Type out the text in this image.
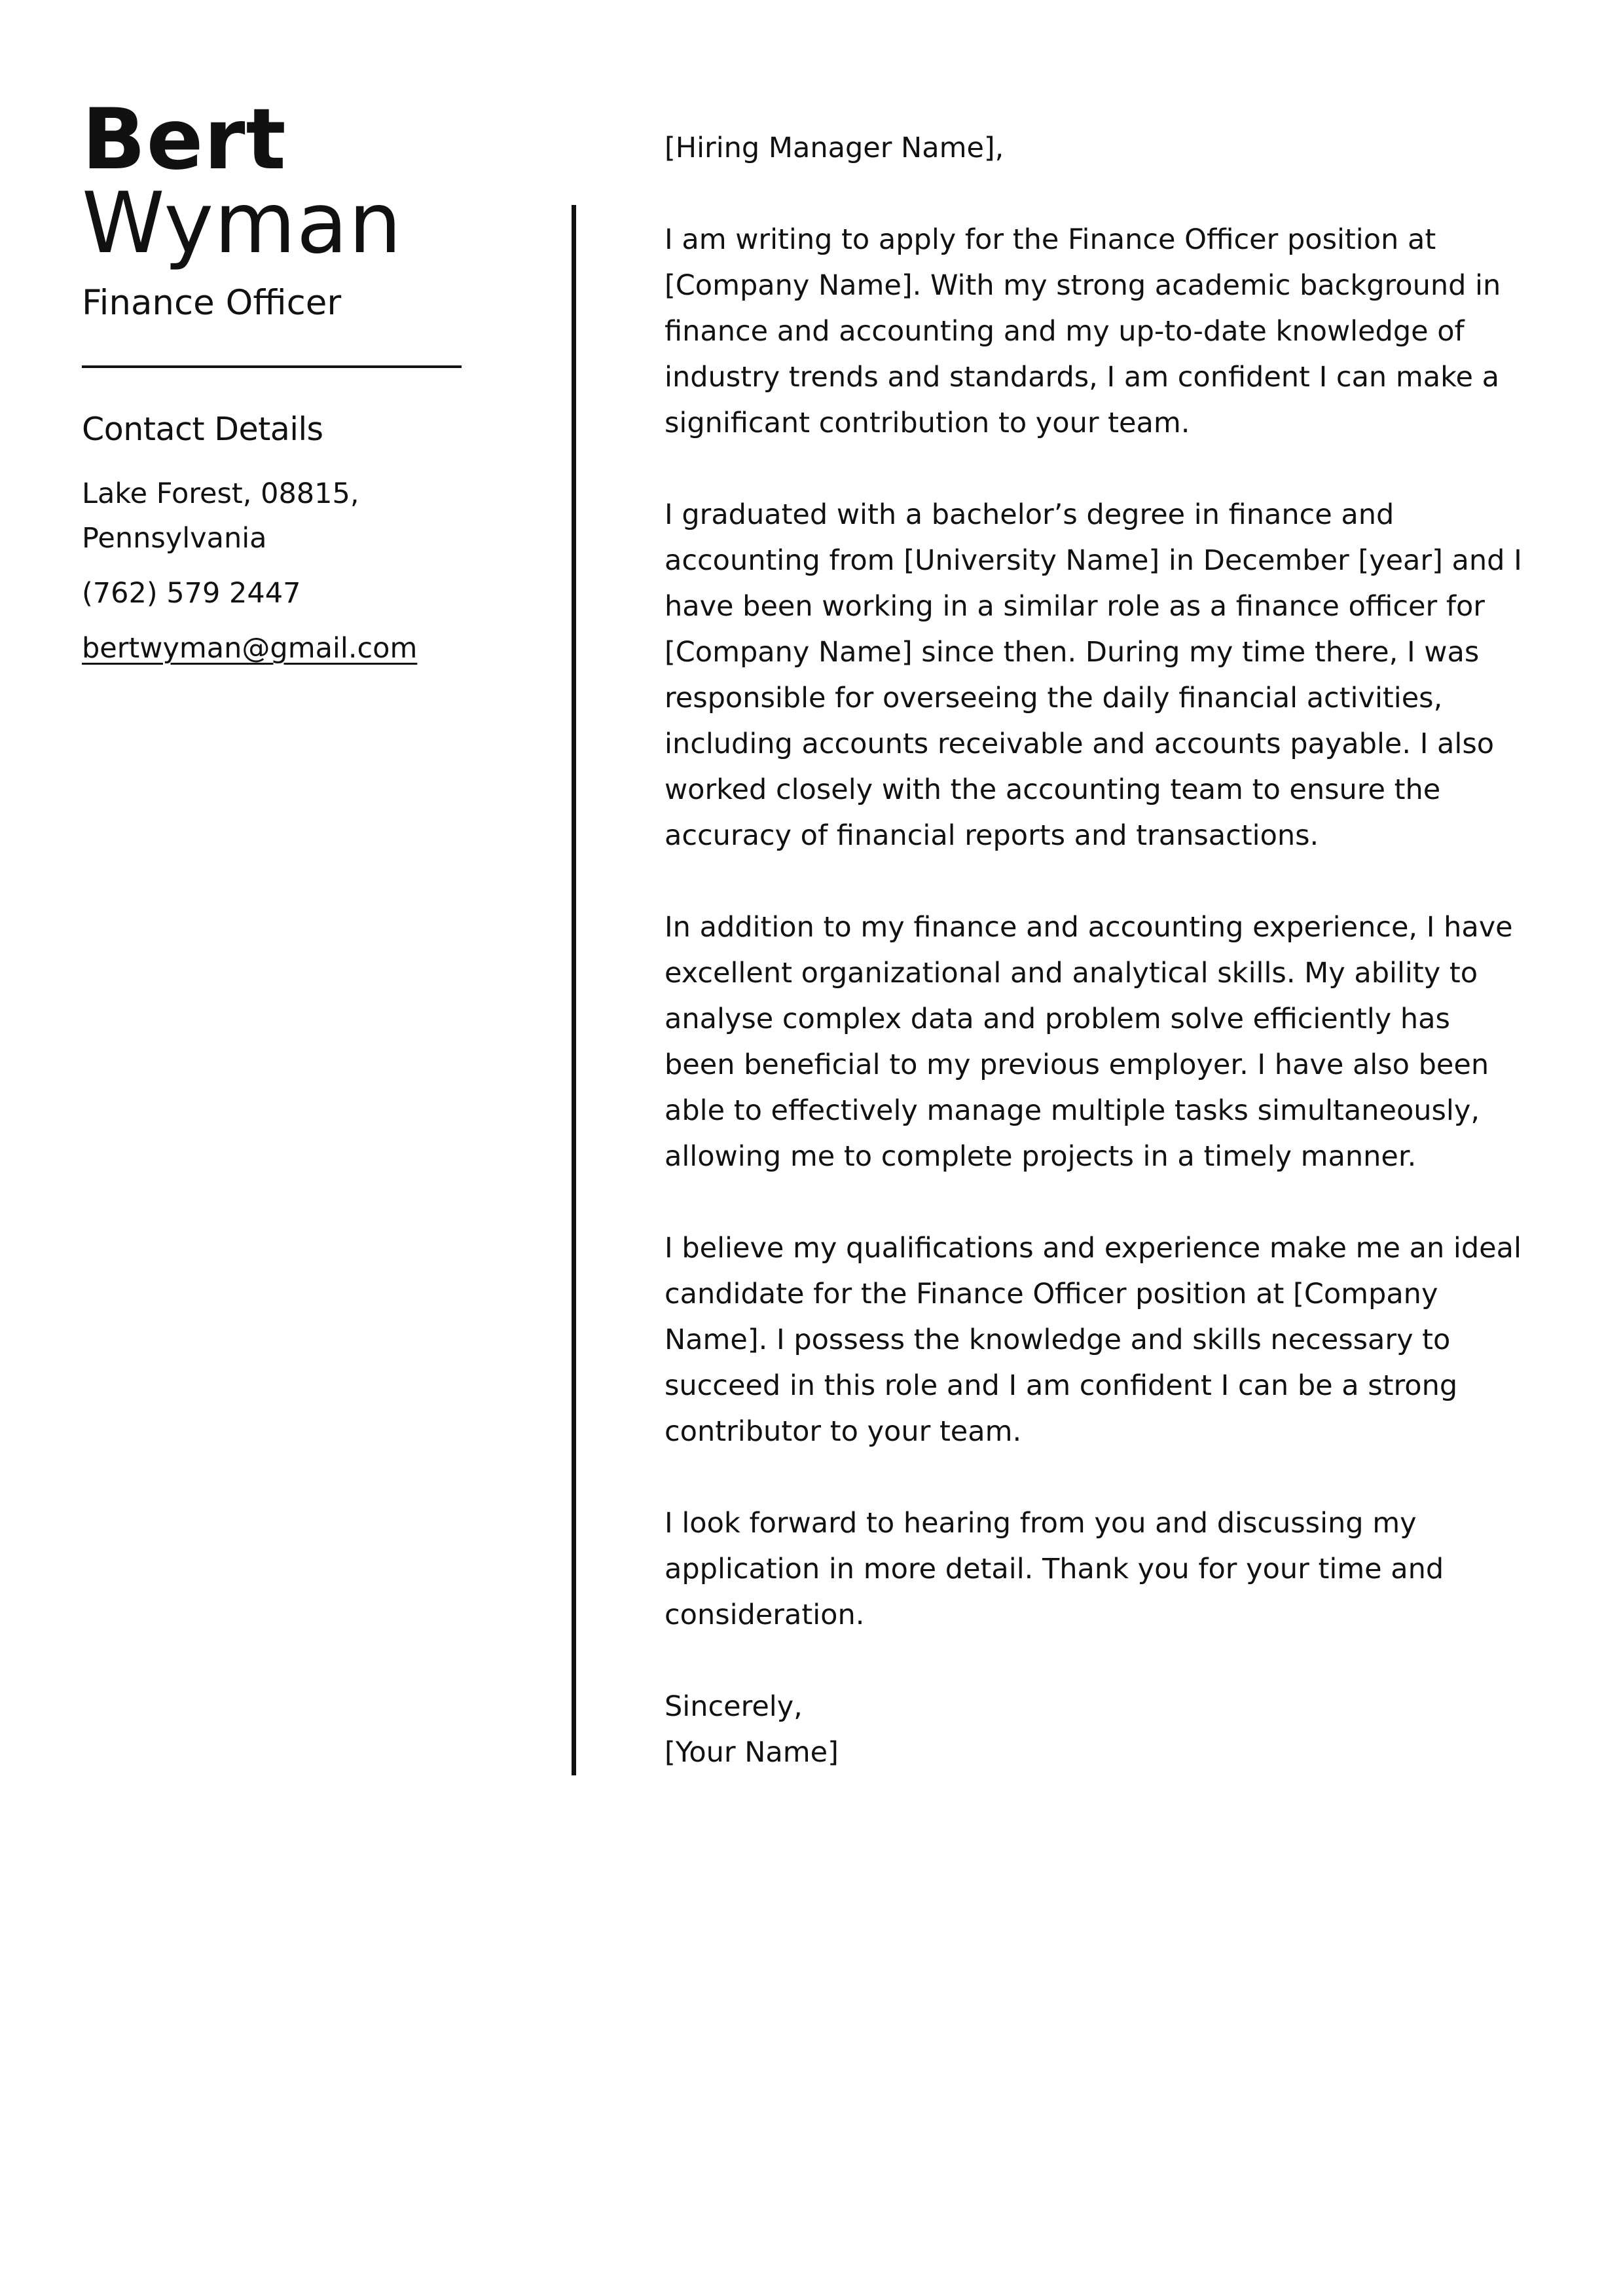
Bert
Wyman
Finance Officer
Contact Details
Lake Forest, 08815,
Pennsylvania
(762) 579 2447
bertwyman@gmail.com

[Hiring Manager Name],

I am writing to apply for the Finance Officer position at [Company Name]. With my strong academic background in finance and accounting and my up-to-date knowledge of industry trends and standards, I am confident I can make a significant contribution to your team.

I graduated with a bachelor’s degree in finance and accounting from [University Name] in December [year] and I have been working in a similar role as a finance officer for [Company Name] since then. During my time there, I was responsible for overseeing the daily financial activities, including accounts receivable and accounts payable. I also worked closely with the accounting team to ensure the accuracy of financial reports and transactions.

In addition to my finance and accounting experience, I have excellent organizational and analytical skills. My ability to analyse complex data and problem solve efficiently has been beneficial to my previous employer. I have also been able to effectively manage multiple tasks simultaneously, allowing me to complete projects in a timely manner.

I believe my qualifications and experience make me an ideal candidate for the Finance Officer position at [Company Name]. I possess the knowledge and skills necessary to succeed in this role and I am confident I can be a strong contributor to your team.

I look forward to hearing from you and discussing my application in more detail. Thank you for your time and consideration.

Sincerely,

[Your Name]
